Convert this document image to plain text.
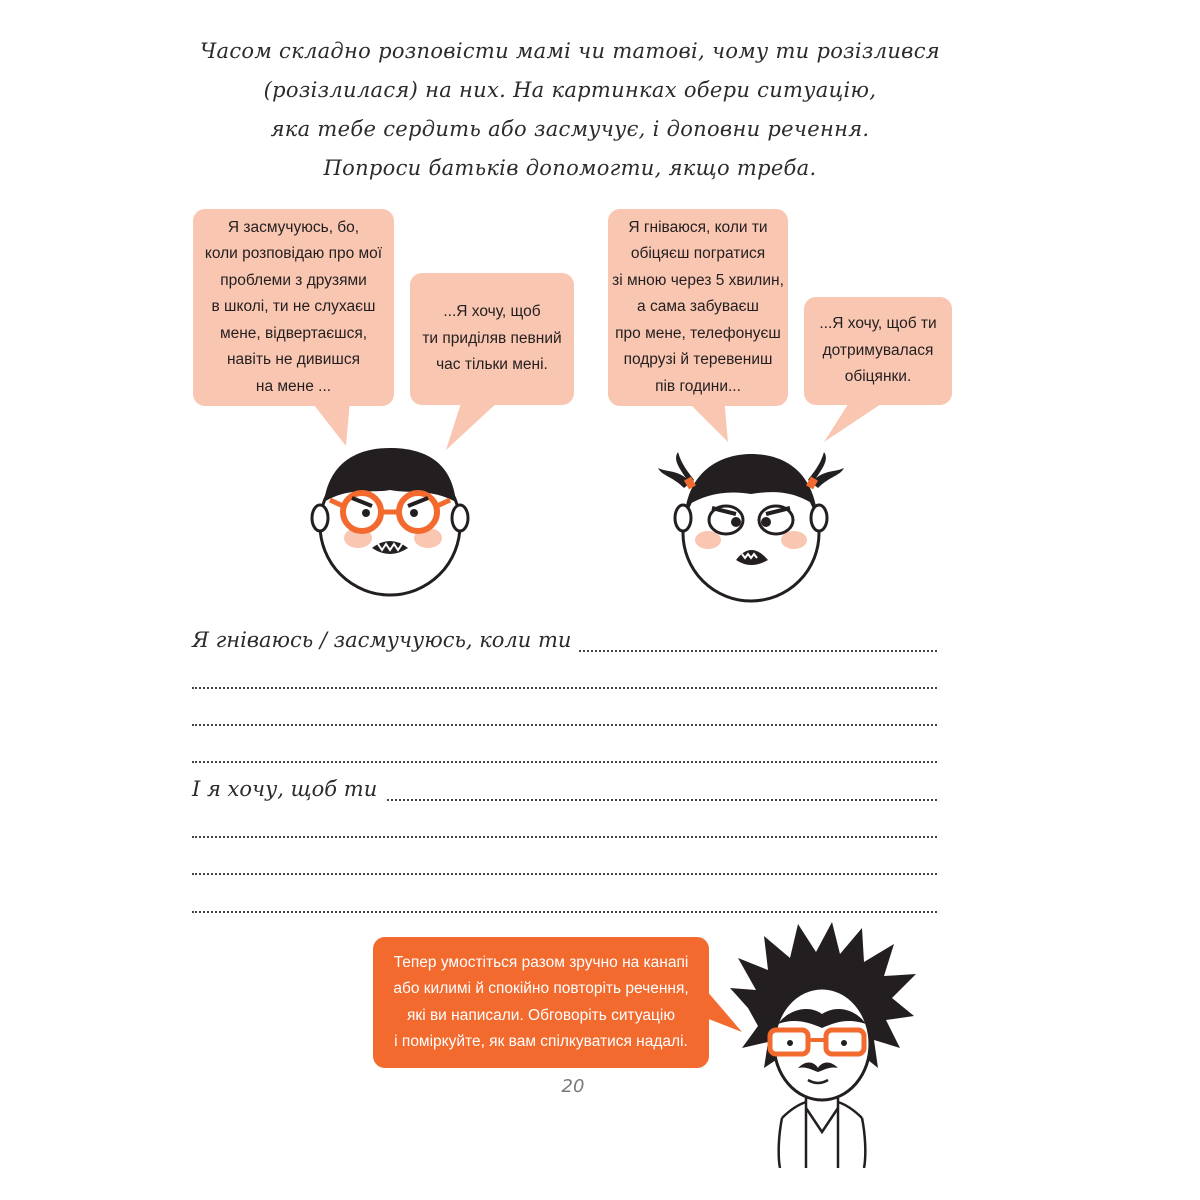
Часом складно розповісти мамі чи татові, чому ти розізлився

(розізлилася) на них. На картинках обери ситуацію,

яка тебе сердить або засмучує, і доповни речення.

Попроси батьків допомогти, якщо треба.

Я засмучуюсь, бо,
коли розповідаю про мої
проблеми з друзями
в школі, ти не слухаєш
мене, відвертаєшся,
навіть не дивишся
на мене ...
...Я хочу, щоб
ти приділяв певний
час тільки мені.
Я гніваюся, коли ти
обіцяєш погратися
зі мною через 5 хвилин,
а сама забуваєш
про мене, телефонуєш
подрузі й теревениш
пів години...
...Я хочу, щоб ти
дотримувалася
обіцянки.
Я гніваюсь / засмучуюсь, коли ти
І я хочу, щоб ти
Тепер умостіться разом зручно на канапі
або килимі й спокійно повторіть речення,
які ви написали. Обговоріть ситуацію
і поміркуйте, як вам спілкуватися надалі.
20
